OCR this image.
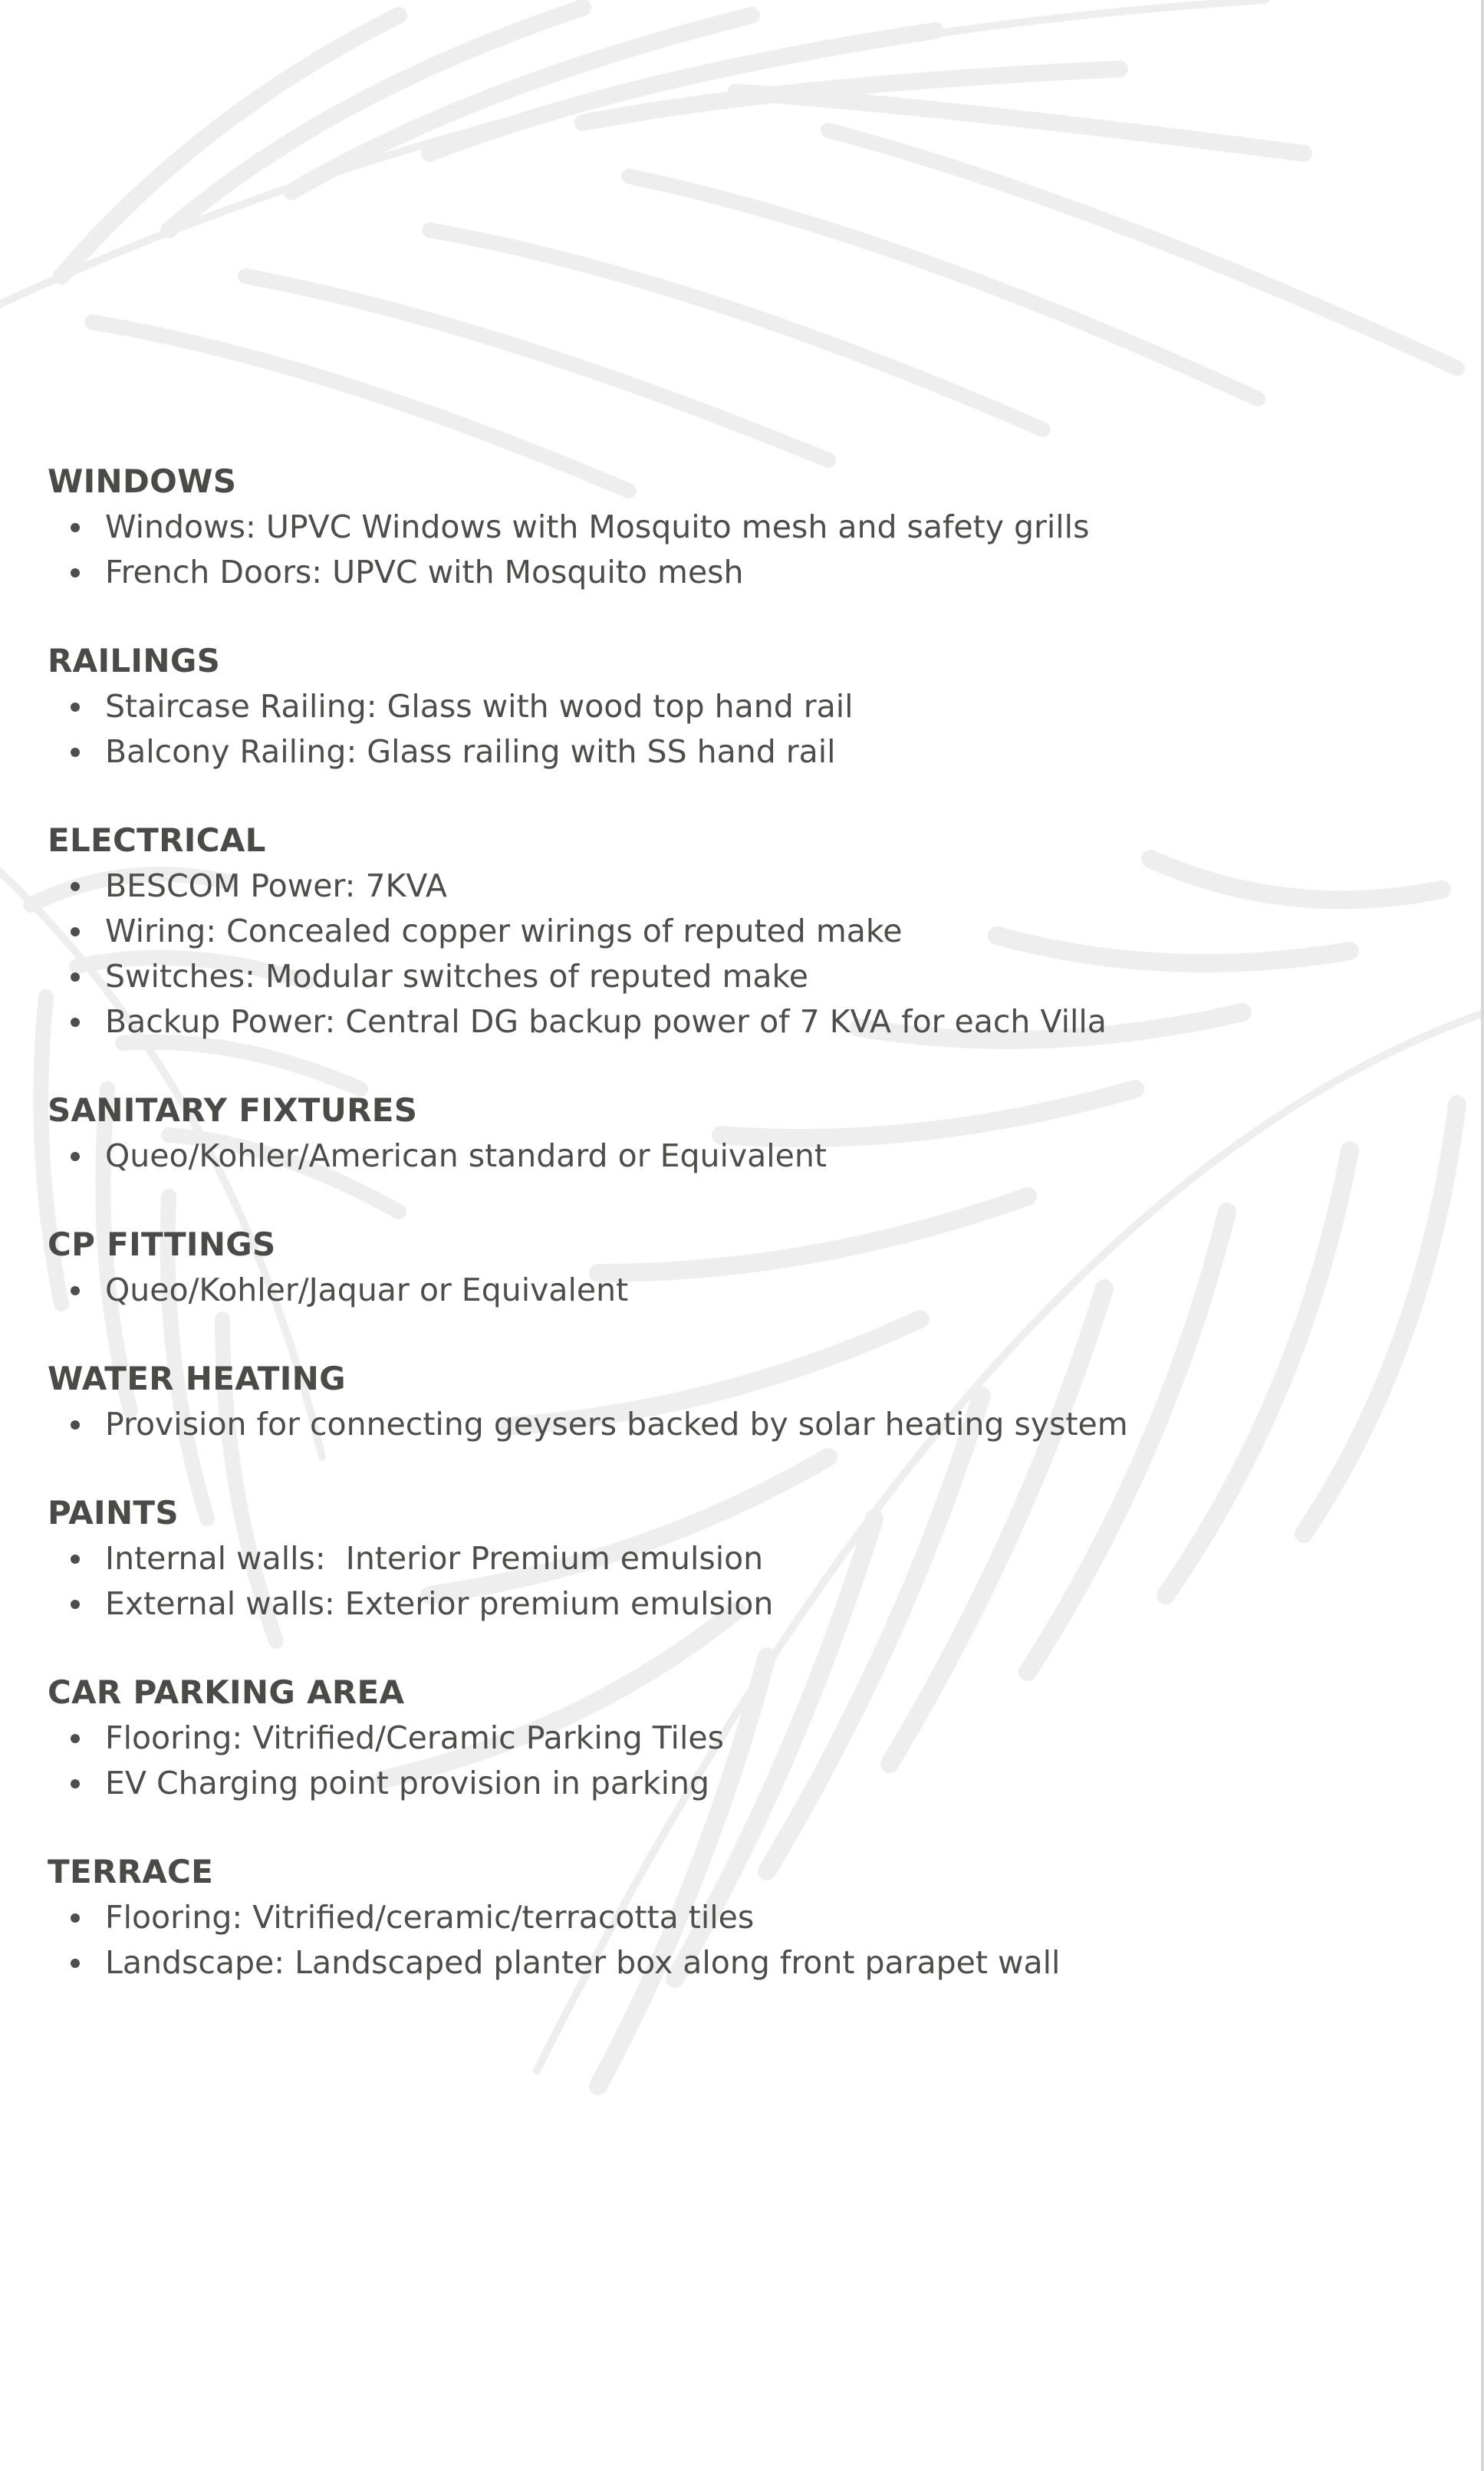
WINDOWS
Windows: UPVC Windows with Mosquito mesh and safety grills
French Doors: UPVC with Mosquito mesh
RAILINGS
Staircase Railing: Glass with wood top hand rail
Balcony Railing: Glass railing with SS hand rail
ELECTRICAL
BESCOM Power: 7KVA
Wiring: Concealed copper wirings of reputed make
Switches: Modular switches of reputed make
Backup Power: Central DG backup power of 7 KVA for each Villa
SANITARY FIXTURES
Queo/Kohler/American standard or Equivalent
CP FITTINGS
Queo/Kohler/Jaquar or Equivalent
WATER HEATING
Provision for connecting geysers backed by solar heating system
PAINTS
Internal walls:  Interior Premium emulsion
External walls: Exterior premium emulsion
CAR PARKING AREA
Flooring: Vitrified/Ceramic Parking Tiles
EV Charging point provision in parking
TERRACE
Flooring: Vitrified/ceramic/terracotta tiles
Landscape: Landscaped planter box along front parapet wall
